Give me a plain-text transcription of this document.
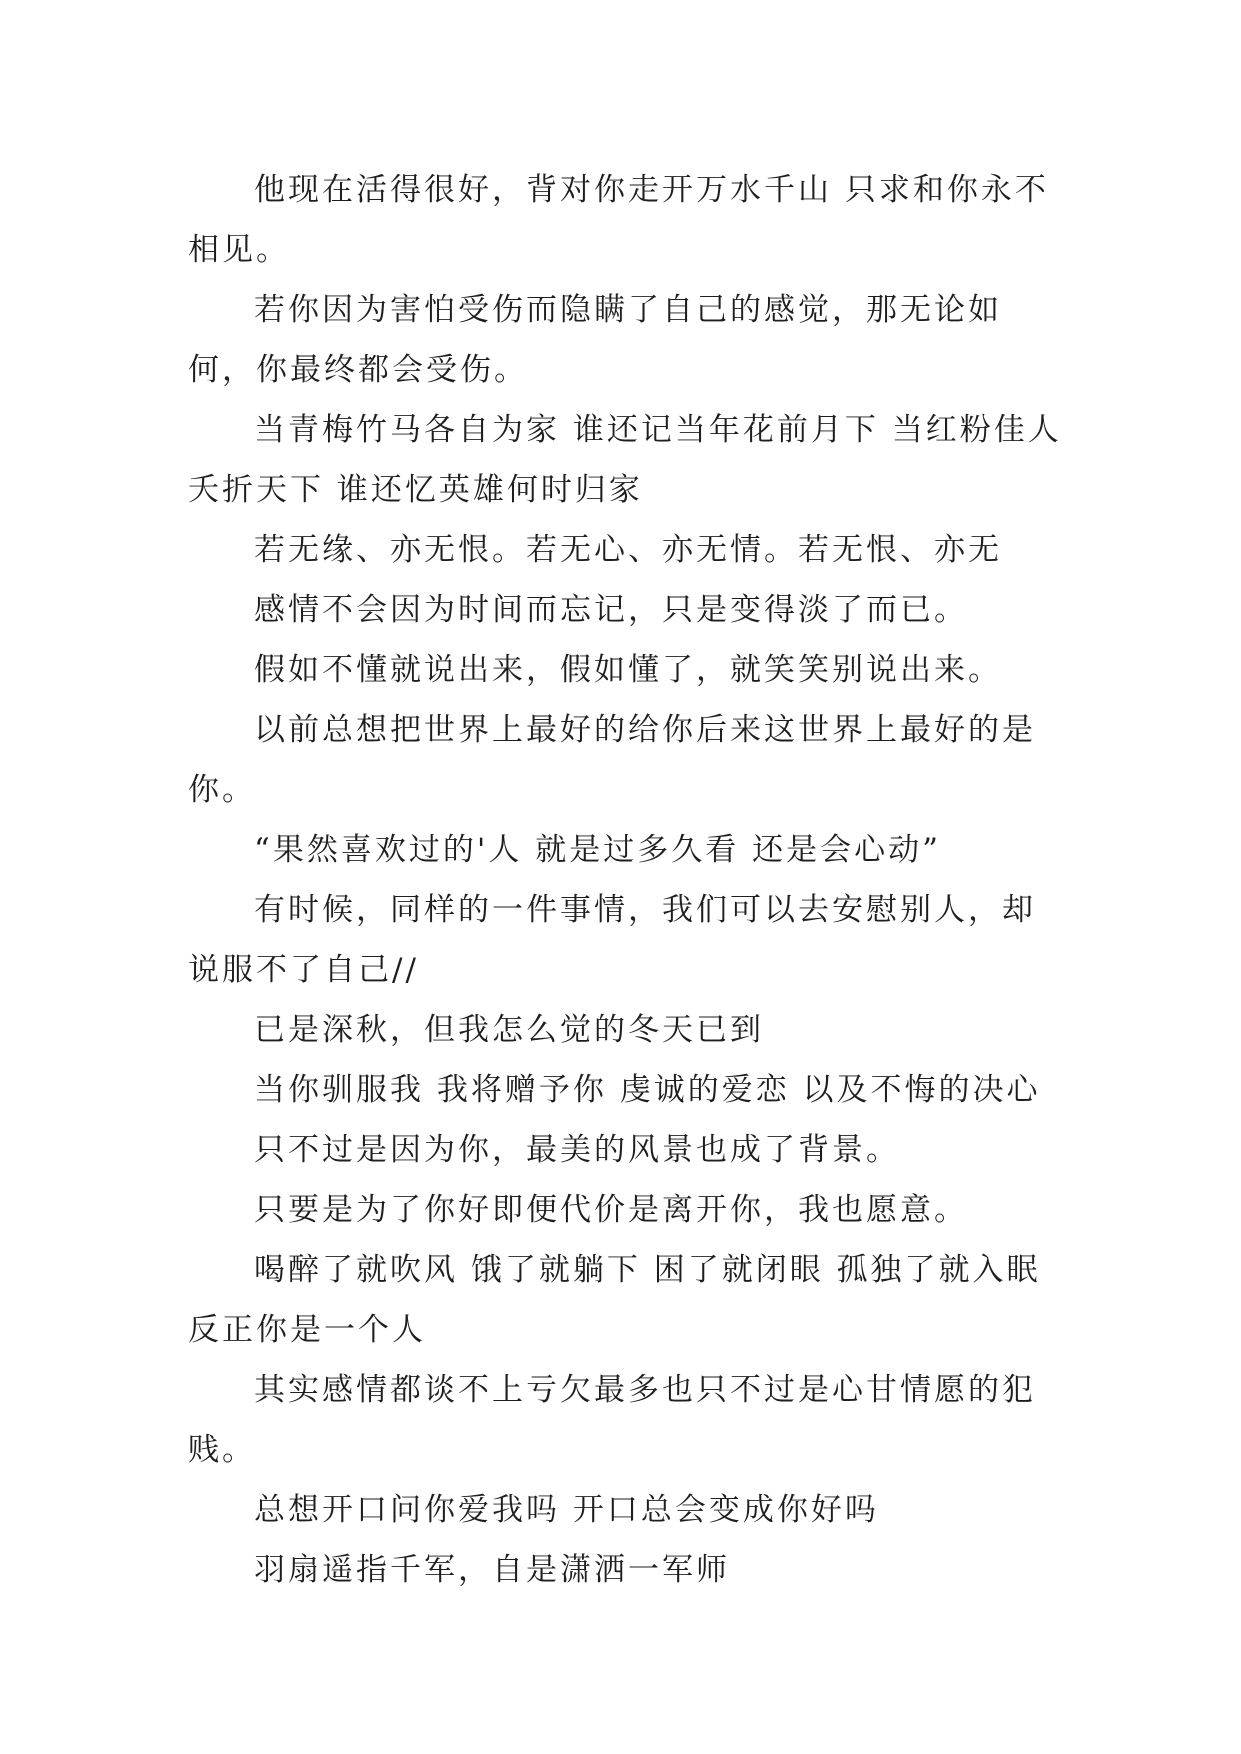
他现在活得很好，背对你走开万水千山 只求和你永不相见。

若你因为害怕受伤而隐瞒了自己的感觉，那无论如何，你最终都会受伤。

当青梅竹马各自为家 谁还记当年花前月下 当红粉佳人夭折天下 谁还忆英雄何时归家

若无缘、亦无恨。若无心、亦无情。若无恨、亦无

感情不会因为时间而忘记，只是变得淡了而已。

假如不懂就说出来，假如懂了，就笑笑别说出来。

以前总想把世界上最好的给你后来这世界上最好的是你。

“果然喜欢过的'人 就是过多久看 还是会心动”

有时候，同样的一件事情，我们可以去安慰别人，却说服不了自己//

已是深秋，但我怎么觉的冬天已到

当你驯服我 我将赠予你 虔诚的爱恋 以及不悔的决心

只不过是因为你，最美的风景也成了背景。

只要是为了你好即便代价是离开你，我也愿意。

喝醉了就吹风 饿了就躺下 困了就闭眼 孤独了就入眠反正你是一个人

其实感情都谈不上亏欠最多也只不过是心甘情愿的犯贱。

总想开口问你爱我吗 开口总会变成你好吗

羽扇遥指千军，自是潇洒一军师
